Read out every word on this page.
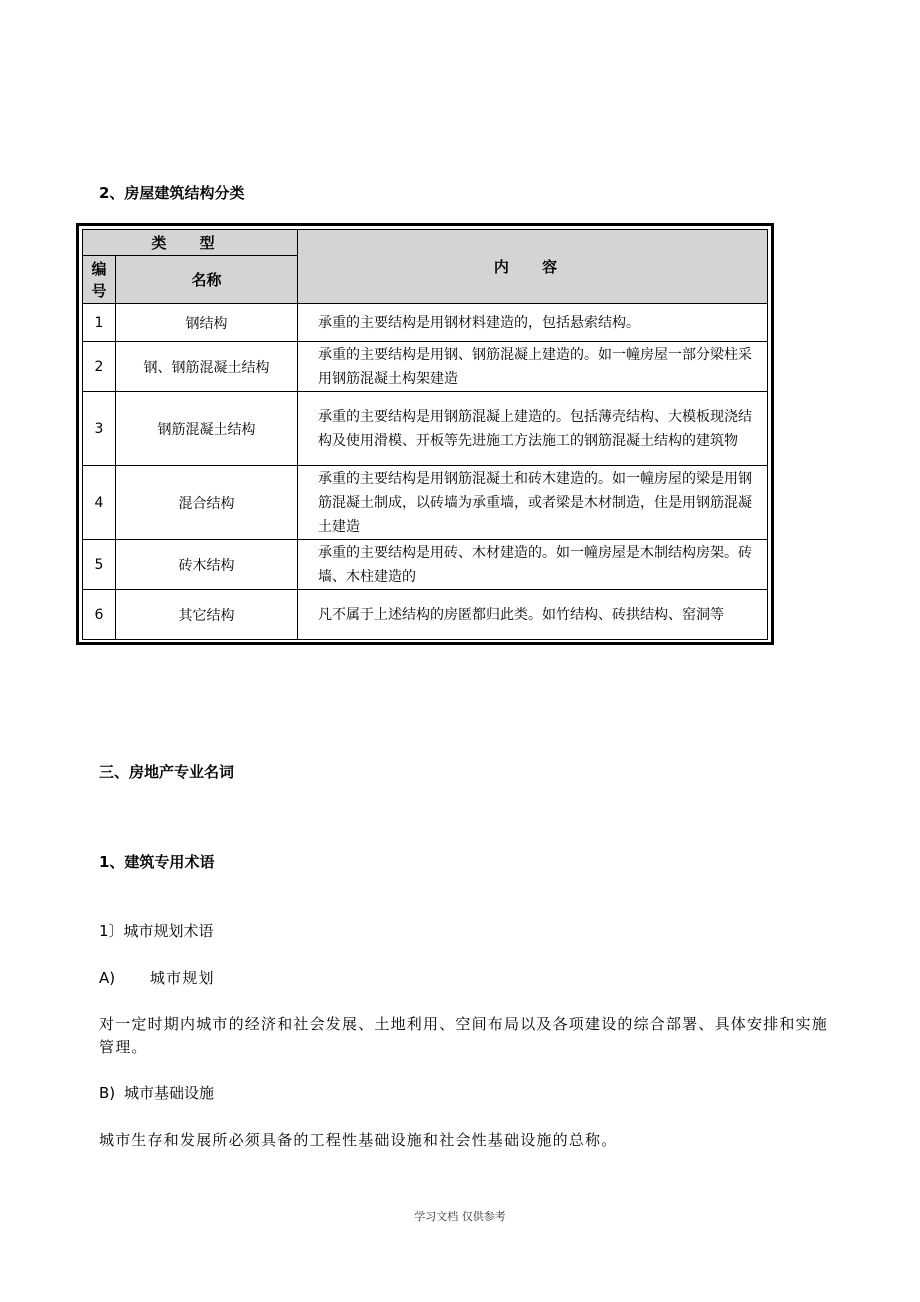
2、房屋建筑结构分类
类 型		内 容

编号	名称	
1	钢结构	承重的主要结构是用钢材料建造的，包括悬索结构。
2	钢、钢筋混凝土结构	承重的主要结构是用钢、钢筋混凝上建造的。如一幢房屋一部分梁柱采用钢筋混凝土构架建造
3	钢筋混凝土结构	承重的主要结构是用钢筋混凝上建造的。包括薄壳结构、大模板现浇结构及使用滑模、开板等先进施工方法施工的钢筋混凝土结构的建筑物
4	混合结构	承重的主要结构是用钢筋混凝土和砖木建造的。如一幢房屋的梁是用钢筋混凝土制成，以砖墙为承重墙，或者梁是木材制造，住是用钢筋混凝土建造
5	砖木结构	承重的主要结构是用砖、木材建造的。如一幢房屋是木制结构房架。砖墙、木柱建造的
6	其它结构	凡不属于上述结构的房匿都归此类。如竹结构、砖拱结构、窑洞等
三、房地产专业名词
1、建筑专用术语
1〕城市规划术语
A) 城市规划
对一定时期内城市的经济和社会发展、土地利用、空间布局以及各项建设的综合部署、具体安排和实施管理。
B) 城市基础设施
城市生存和发展所必须具备的工程性基础设施和社会性基础设施的总称。
学习文档 仅供参考
